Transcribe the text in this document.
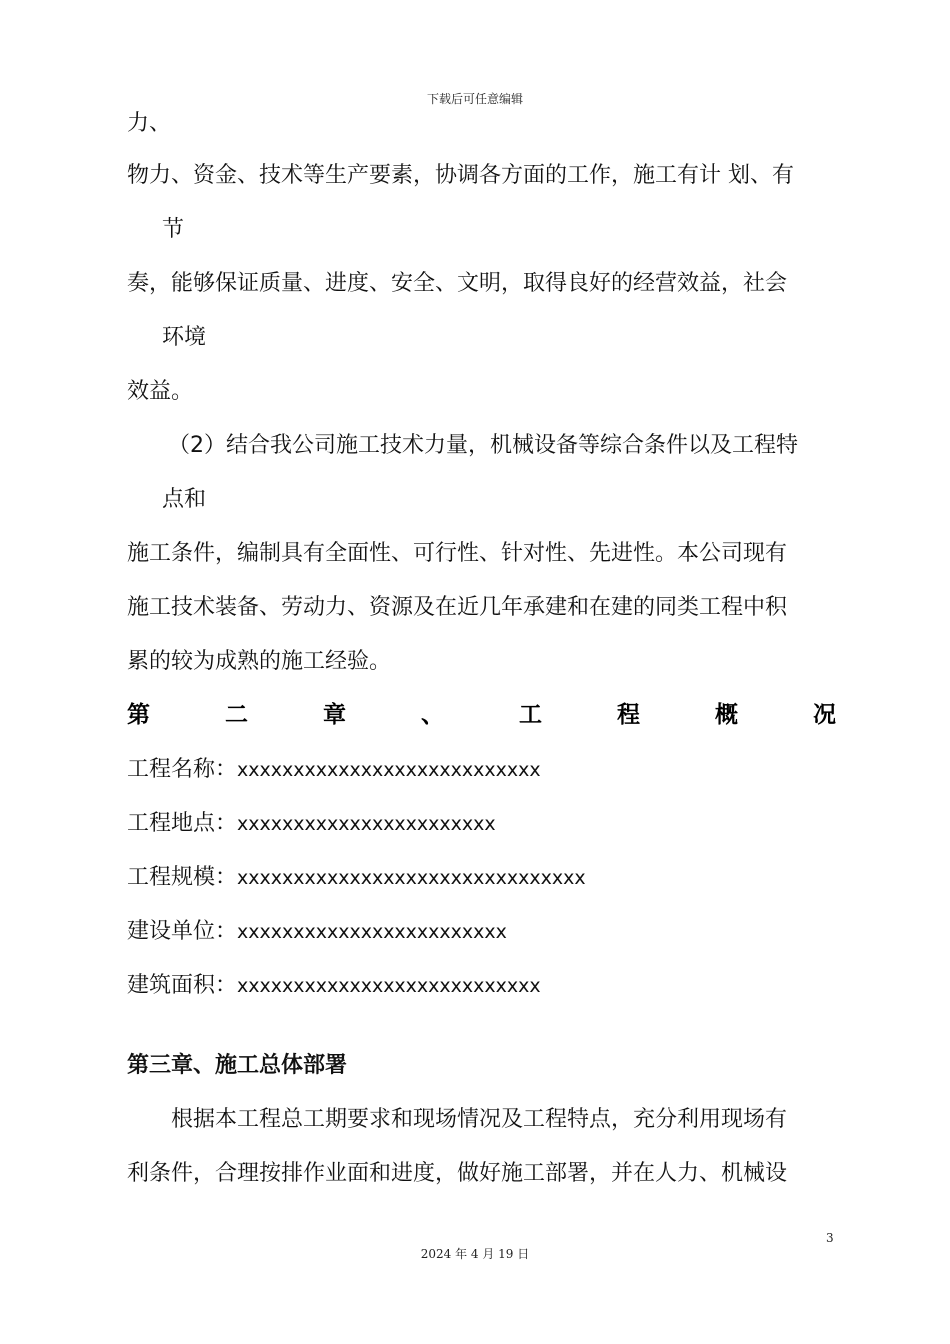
下载后可任意编辑
力、
物力、资金、技术等生产要素，协调各方面的工作，施工有计 划、有
节
奏，能够保证质量、进度、安全、文明，取得良好的经营效益，社会
环境
效益。
（2）结合我公司施工技术力量，机械设备等综合条件以及工程特
点和
施工条件，编制具有全面性、可行性、针对性、先进性。本公司现有
施工技术装备、劳动力、资源及在近几年承建和在建的同类工程中积
累的较为成熟的施工经验。
第	二	章	、	工	程	概	况
工程名称：xxxxxxxxxxxxxxxxxxxxxxxxxxx
工程地点：xxxxxxxxxxxxxxxxxxxxxxx
工程规模：xxxxxxxxxxxxxxxxxxxxxxxxxxxxxxx
建设单位：xxxxxxxxxxxxxxxxxxxxxxxx
建筑面积：xxxxxxxxxxxxxxxxxxxxxxxxxxx
第三章、施工总体部署
根据本工程总工期要求和现场情况及工程特点，充分利用现场有
利条件，合理按排作业面和进度，做好施工部署，并在人力、机械设
3
2024 年 4 月 19 日
